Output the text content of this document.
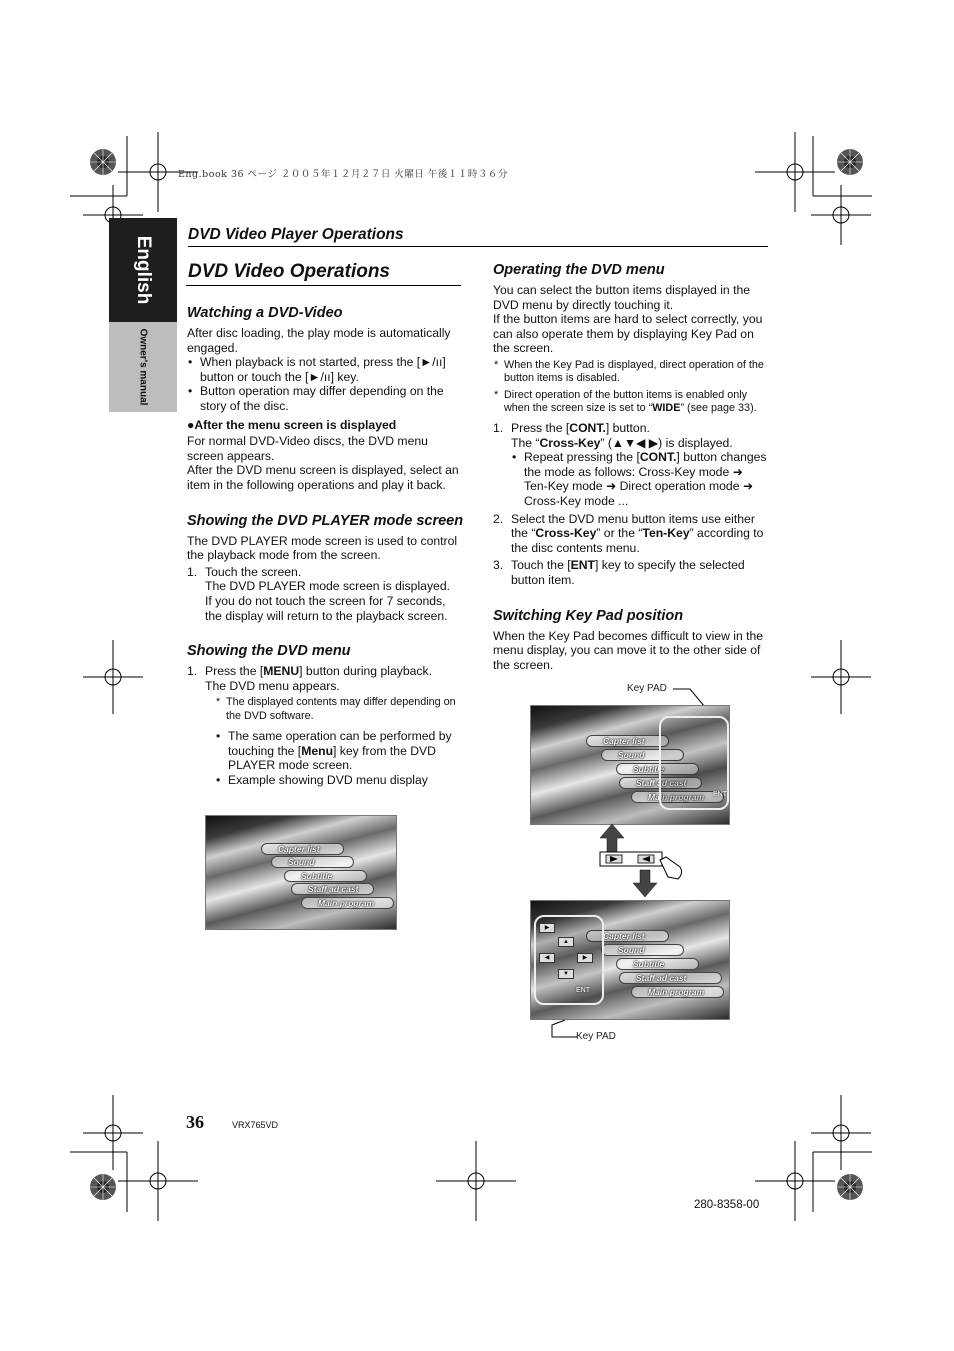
Eng.book 36 ページ ２００５年１２月２７日 火曜日 午後１１時３６分
English
Owner's manual
DVD Video Player Operations
DVD Video Operations
Watching a DVD-Video

After disc loading, the play mode is automatically engaged.

• When playback is not started, press the [►/ıı] button or touch the [►/ıı] key.

• Button operation may differ depending on the story of the disc.

●After the menu screen is displayed

For normal DVD-Video discs, the DVD menu screen appears.

After the DVD menu screen is displayed, select an item in the following operations and play it back.

Showing the DVD PLAYER mode screen

The DVD PLAYER mode screen is used to control the playback mode from the screen.

1. Touch the screen.

The DVD PLAYER mode screen is displayed.

If you do not touch the screen for 7 seconds, the display will return to the playback screen.

Showing the DVD menu
1. Press the [MENU] button during playback.

The DVD menu appears.

* The displayed contents may differ depending on the DVD software.

• The same operation can be performed by touching the [Menu] key from the DVD PLAYER mode screen.

• Example showing DVD menu display

Capter list
Sound
Subtitle
Staff ad cast
Main program
Operating the DVD menu

You can select the button items displayed in the DVD menu by directly touching it.

If the button items are hard to select correctly, you can also operate them by displaying Key Pad on the screen.

* When the Key Pad is displayed, direct operation of the button items is disabled.

* Direct operation of the button items is enabled only when the screen size is set to “WIDE” (see page 33).

1. Press the [CONT.] button.

The “Cross-Key” (▲▼◀ ▶) is displayed.

• Repeat pressing the [CONT.] button changes the mode as follows: Cross-Key mode ➜ Ten-Key mode ➜ Direct operation mode ➜ Cross-Key mode ...

2. Select the DVD menu button items use either the “Cross-Key” or the “Ten-Key” according to the disc contents menu.

3. Touch the [ENT] key to specify the selected button item.

Switching Key Pad position

When the Key Pad becomes difficult to view in the menu display, you can move it to the other side of the screen.

Key PAD
Key PAD
Capter list
Sound
Subtitle
Staff ad cast
Main program	ENT
Capter list
Sound
Subtitle
Staff ad cast
Main program
▶
▲
◀	▶
▼
ENT
36	VRX765VD
280-8358-00
